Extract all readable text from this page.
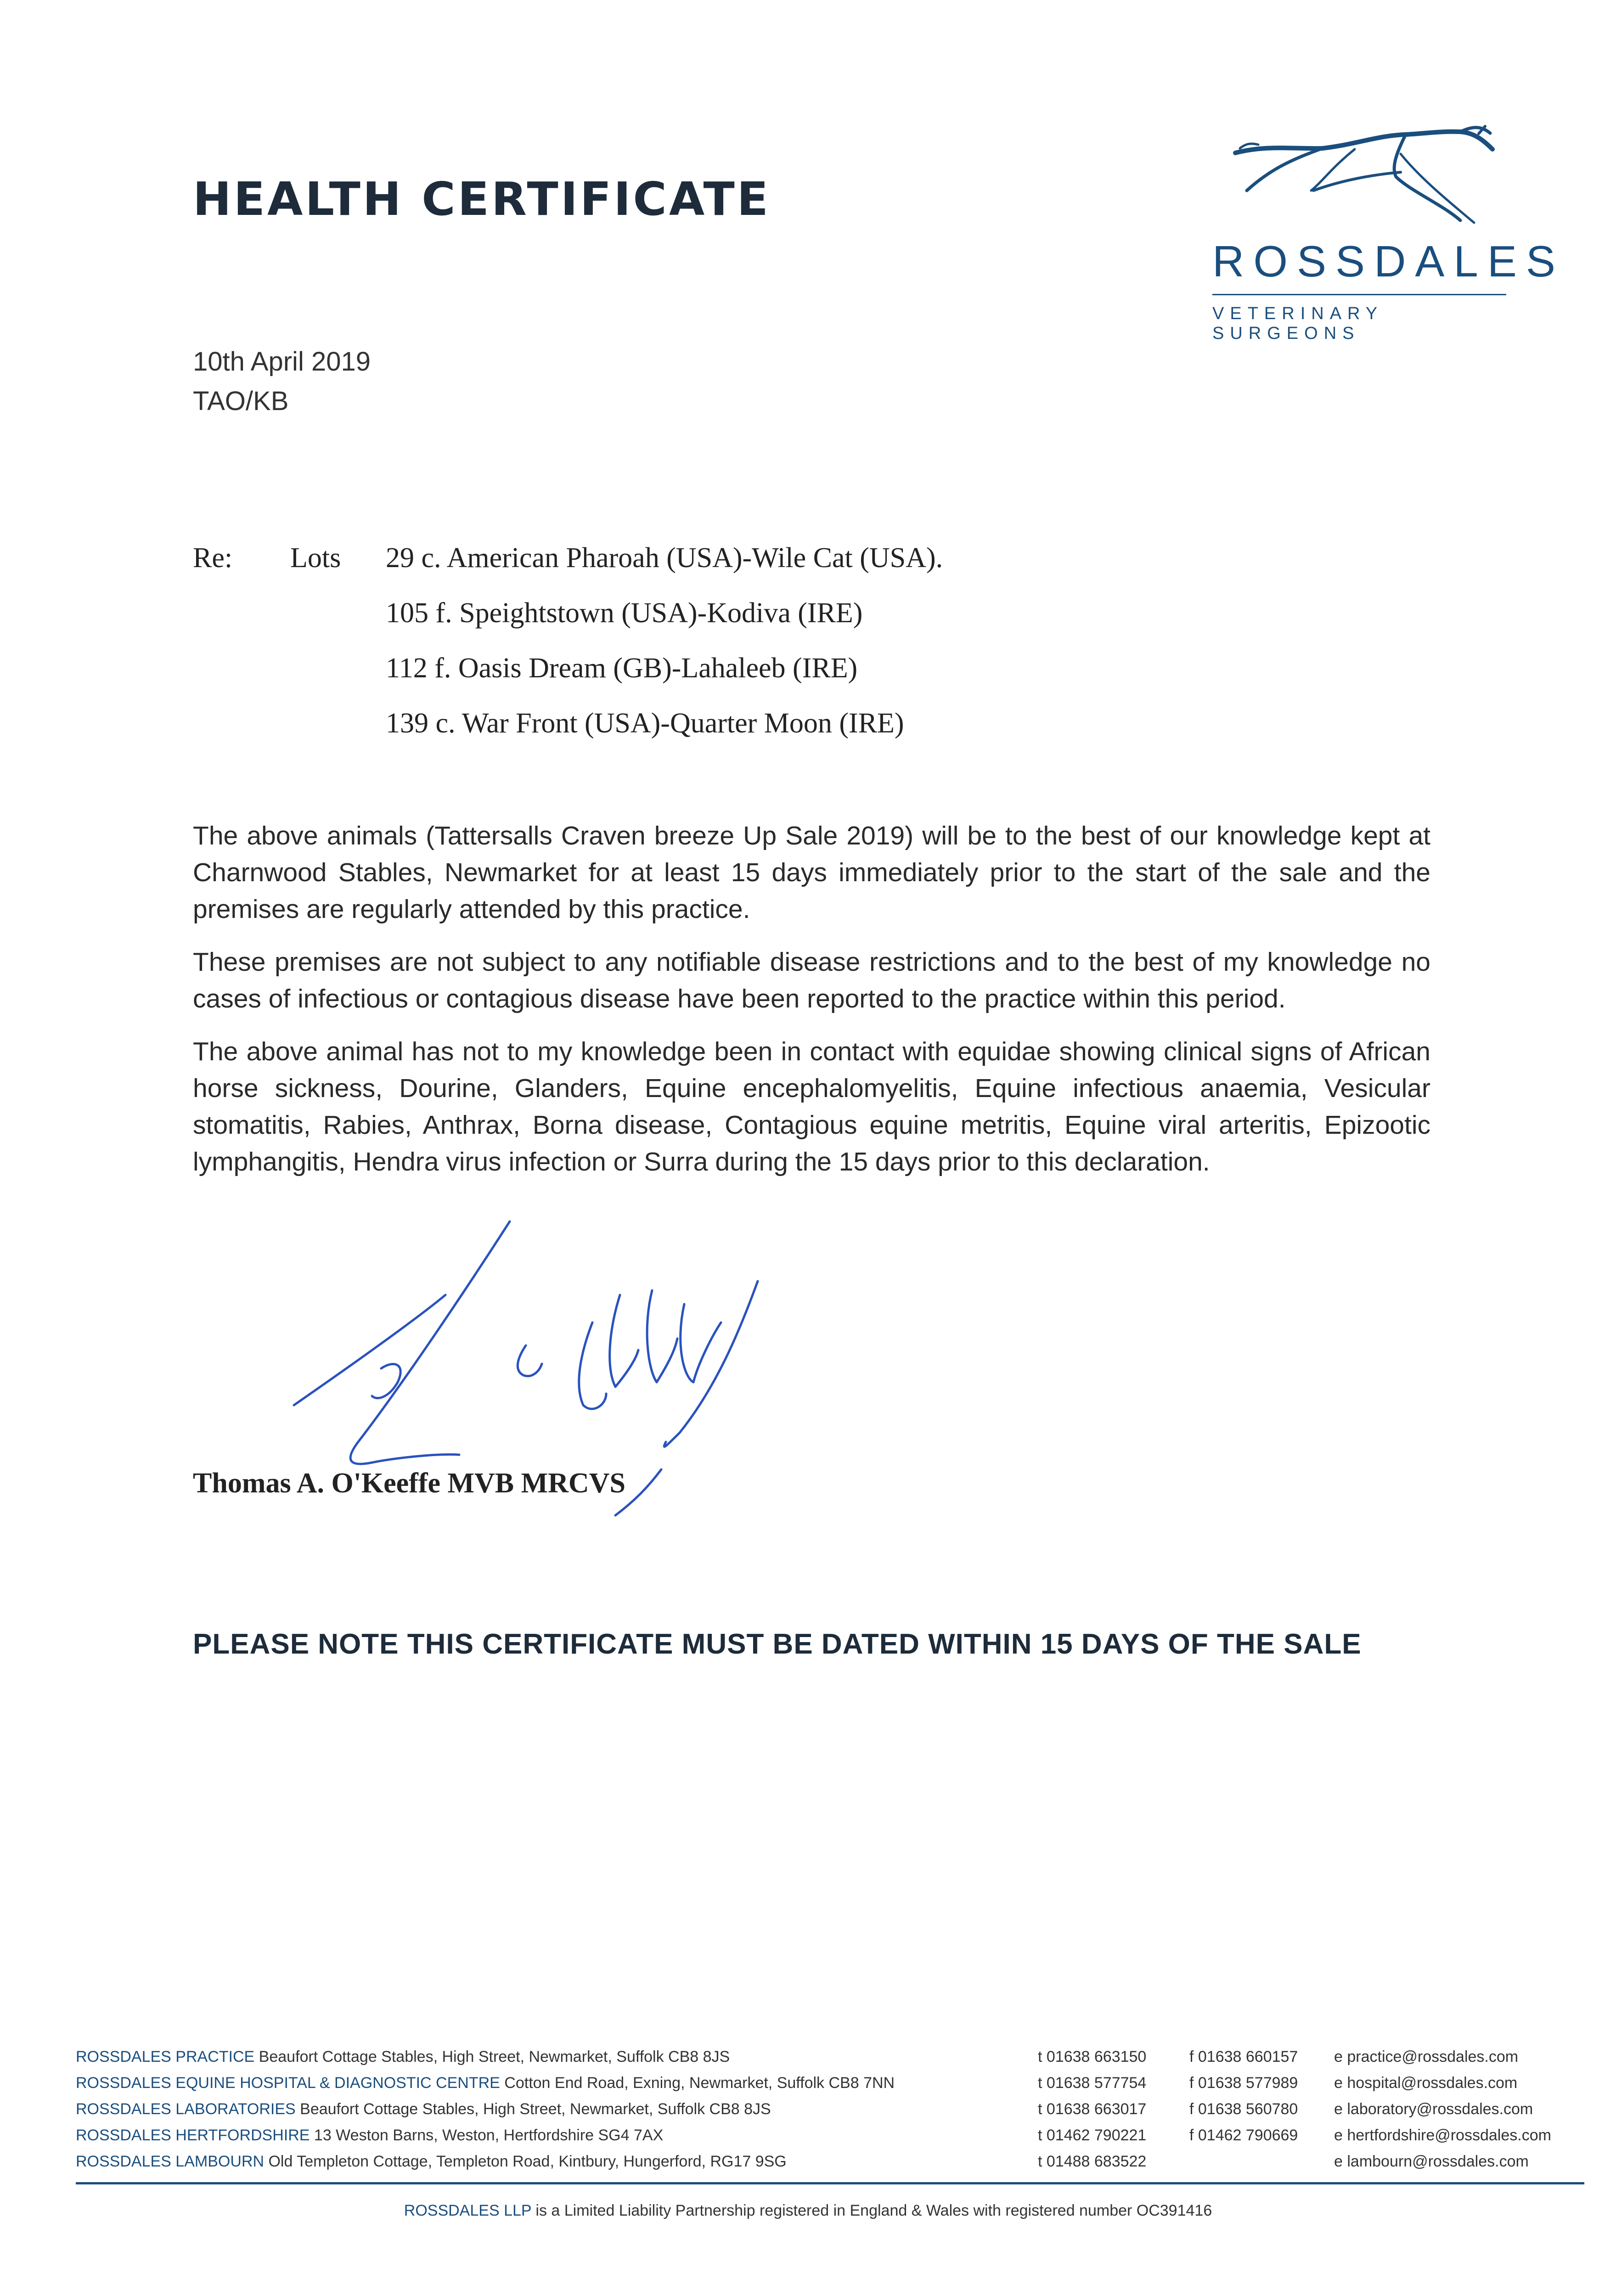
HEALTH CERTIFICATE
ROSSDALES
VETERINARY SURGEONS
10th April 2019
TAO/KB
Re: Lots 29 c. American Pharoah (USA)-Wile Cat (USA).
105 f. Speightstown (USA)-Kodiva (IRE)
112 f. Oasis Dream (GB)-Lahaleeb (IRE)
139 c. War Front (USA)-Quarter Moon (IRE)
The above animals (Tattersalls Craven breeze Up Sale 2019) will be to the best of our knowledge kept at Charnwood Stables, Newmarket for at least 15 days immediately prior to the start of the sale and the premises are regularly attended by this practice.
These premises are not subject to any notifiable disease restrictions and to the best of my knowledge no cases of infectious or contagious disease have been reported to the practice within this period.
The above animal has not to my knowledge been in contact with equidae showing clinical signs of African horse sickness, Dourine, Glanders, Equine encephalomyelitis, Equine infectious anaemia, Vesicular stomatitis, Rabies, Anthrax, Borna disease, Contagious equine metritis, Equine viral arteritis, Epizootic lymphangitis, Hendra virus infection or Surra during the 15 days prior to this declaration.
Thomas A. O'Keeffe MVB MRCVS
PLEASE NOTE THIS CERTIFICATE MUST BE DATED WITHIN 15 DAYS OF THE SALE
ROSSDALES PRACTICE Beaufort Cottage Stables, High Street, Newmarket, Suffolk CB8 8JS	t 01638 663150	f 01638 660157 e practice@rossdales.com
ROSSDALES EQUINE HOSPITAL & DIAGNOSTIC CENTRE Cotton End Road, Exning, Newmarket, Suffolk CB8 7NN	t 01638 577754	f 01638 577989 e hospital@rossdales.com
ROSSDALES LABORATORIES Beaufort Cottage Stables, High Street, Newmarket, Suffolk CB8 8JS	t 01638 663017	f 01638 560780 e laboratory@rossdales.com
ROSSDALES HERTFORDSHIRE 13 Weston Barns, Weston, Hertfordshire SG4 7AX	t 01462 790221	f 01462 790669 e hertfordshire@rossdales.com
ROSSDALES LAMBOURN Old Templeton Cottage, Templeton Road, Kintbury, Hungerford, RG17 9SG	t 01488 683522	e lambourn@rossdales.com
ROSSDALES LLP is a Limited Liability Partnership registered in England & Wales with registered number OC391416
